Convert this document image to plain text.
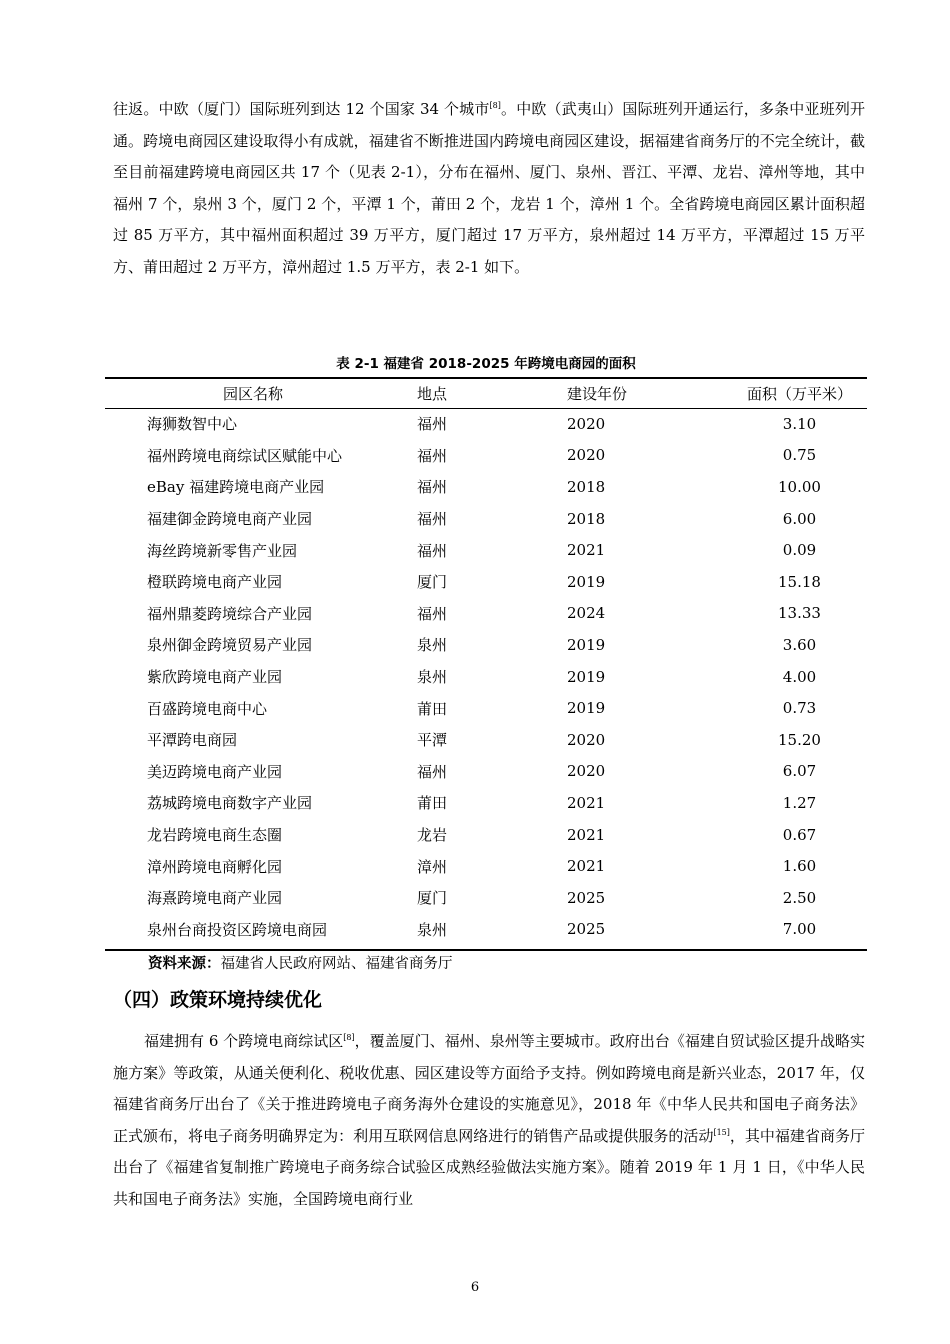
往返。中欧（厦门）国际班列到达 12 个国家 34 个城市[8]。中欧（武夷山）国际班列开通运行，多条中亚班列开通。跨境电商园区建设取得小有成就，福建省不断推进国内跨境电商园区建设，据福建省商务厅的不完全统计，截至目前福建跨境电商园区共 17 个（见表 2-1），分布在福州、厦门、泉州、晋江、平潭、龙岩、漳州等地，其中福州 7 个，泉州 3 个，厦门 2 个，平潭 1 个，莆田 2 个，龙岩 1 个，漳州 1 个。全省跨境电商园区累计面积超过 85 万平方，其中福州面积超过 39 万平方，厦门超过 17 万平方，泉州超过 14 万平方，平潭超过 15 万平方、莆田超过 2 万平方，漳州超过 1.5 万平方，表 2-1 如下。

表 2-1 福建省 2018-2025 年跨境电商园的面积
园区名称	地点	建设年份	面积（万平米）
海狮数智中心	福州	2020	3.10
福州跨境电商综试区赋能中心	福州	2020	0.75
eBay 福建跨境电商产业园	福州	2018	10.00
福建御金跨境电商产业园	福州	2018	6.00
海丝跨境新零售产业园	福州	2021	0.09
橙联跨境电商产业园	厦门	2019	15.18
福州鼎菱跨境综合产业园	福州	2024	13.33
泉州御金跨境贸易产业园	泉州	2019	3.60
紫欣跨境电商产业园	泉州	2019	4.00
百盛跨境电商中心	莆田	2019	0.73
平潭跨电商园	平潭	2020	15.20
美迈跨境电商产业园	福州	2020	6.07
荔城跨境电商数字产业园	莆田	2021	1.27
龙岩跨境电商生态圈	龙岩	2021	0.67
漳州跨境电商孵化园	漳州	2021	1.60
海熹跨境电商产业园	厦门	2025	2.50
泉州台商投资区跨境电商园	泉州	2025	7.00
资料来源：福建省人民政府网站、福建省商务厅
（四）政策环境持续优化

福建拥有 6 个跨境电商综试区[8]，覆盖厦门、福州、泉州等主要城市。政府出台《福建自贸试验区提升战略实施方案》等政策，从通关便利化、税收优惠、园区建设等方面给予支持。例如跨境电商是新兴业态，2017 年，仅福建省商务厅出台了《关于推进跨境电子商务海外仓建设的实施意见》，2018 年《中华人民共和国电子商务法》正式颁布，将电子商务明确界定为：利用互联网信息网络进行的销售产品或提供服务的活动[15]，其中福建省商务厅出台了《福建省复制推广跨境电子商务综合试验区成熟经验做法实施方案》。随着 2019 年 1 月 1 日，《中华人民共和国电子商务法》实施，全国跨境电商行业

6
